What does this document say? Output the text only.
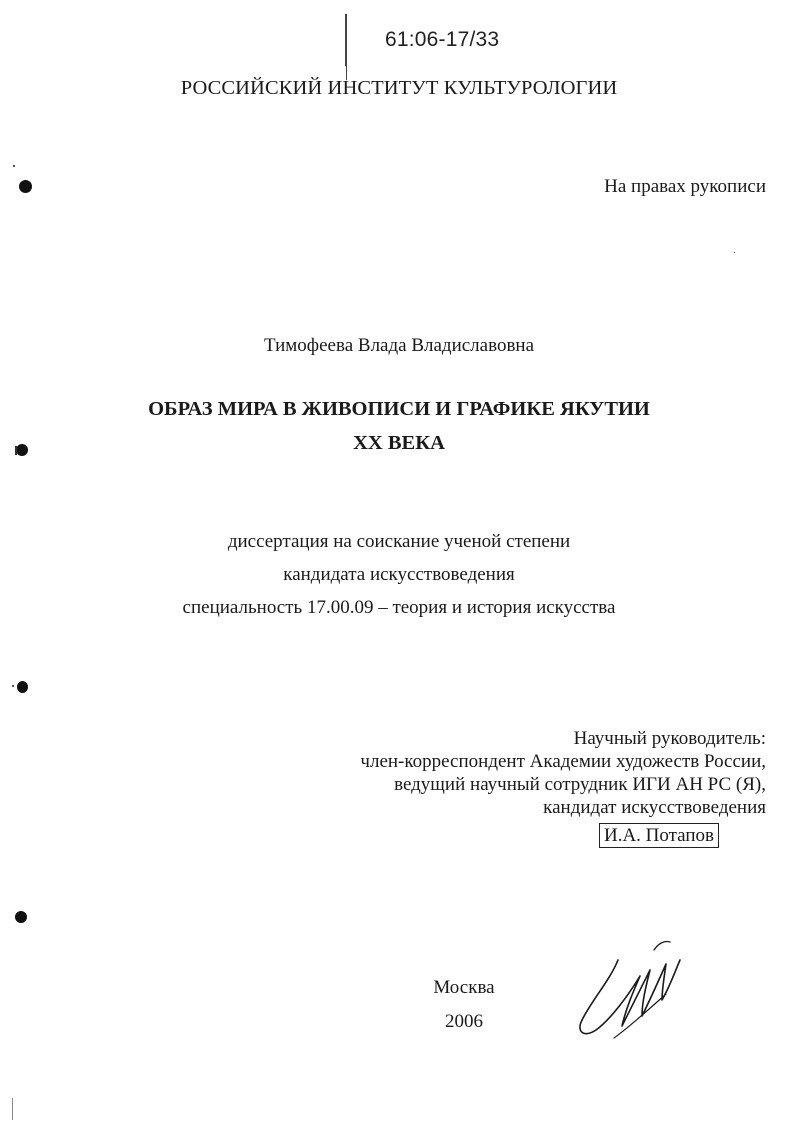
61:06-17/33
РОССИЙСКИЙ ИНСТИТУТ КУЛЬТУРОЛОГИИ
На правах рукописи
Тимофеева Влада Владиславовна
ОБРАЗ МИРА В ЖИВОПИСИ И ГРАФИКЕ ЯКУТИИ
XX ВЕКА
диссертация на соискание ученой степени
кандидата искусствоведения
специальность 17.00.09 – теория и история искусства
Научный руководитель:
член-корреспондент Академии художеств России,
ведущий научный сотрудник ИГИ АН РС (Я),
кандидат искусствоведения
И.А. Потапов
Москва
2006
